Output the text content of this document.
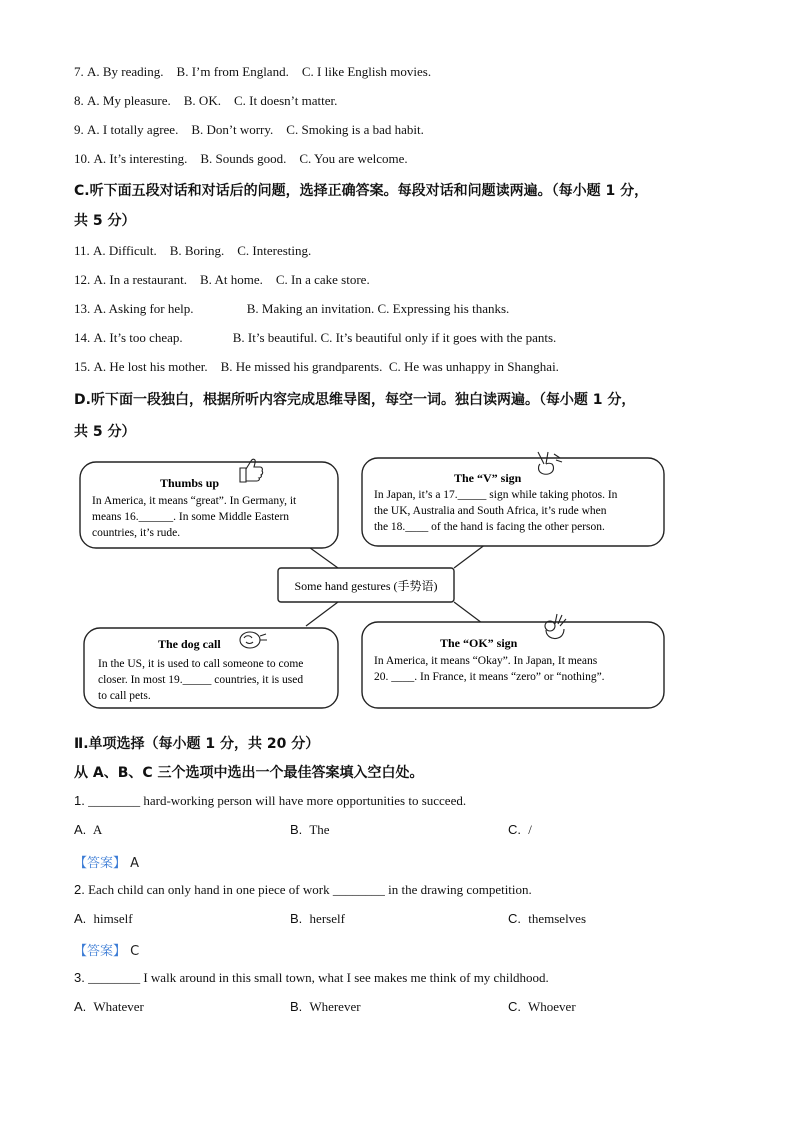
7. A. By reading. B. I’m from England. C. I like English movies.
8. A. My pleasure. B. OK. C. It doesn’t matter.
9. A. I totally agree. B. Don’t worry. C. Smoking is a bad habit.
10. A. It’s interesting. B. Sounds good. C. You are welcome.
C.听下面五段对话和对话后的问题，选择正确答案。每段对话和问题读两遍。（每小题 1 分，
共 5 分）
11. A. Difficult. B. Boring. C. Interesting.
12. A. In a restaurant. B. At home. C. In a cake store.
13. A. Asking for help.	B. Making an invitation. C. Expressing his thanks.
14. A. It’s too cheap.	B. It’s beautiful. C. It’s beautiful only if it goes with the pants.
15. A. He lost his mother. B. He missed his grandparents. C. He was unhappy in Shanghai.
D.听下面一段独白，根据所听内容完成思维导图，每空一词。独白读两遍。（每小题 1 分，
共 5 分）
Some hand gestures (手势语)
Thumbs up
In America, it means “great”. In Germany, it
means 16.______. In some Middle Eastern
countries, it’s rude.
The “V” sign
In Japan, it’s a 17._____ sign while taking photos. In
the UK, Australia and South Africa, it’s rude when
the 18.____ of the hand is facing the other person.
The dog call
In the US, it is used to call someone to come
closer. In most 19._____ countries, it is used
to call pets.
The “OK” sign
In America, it means “Okay”. In Japan, It means
20. ____. In France, it means “zero” or “nothing”.
Ⅱ.单项选择（每小题 1 分，共 20 分）
从 A、B、C 三个选项中选出一个最佳答案填入空白处。
1. ________ hard-working person will have more opportunities to succeed.
A. A	B. The	C. /
【答案】 A
2. Each child can only hand in one piece of work ________ in the drawing competition.
A. himself	B. herself	C. themselves
【答案】 C
3. ________ I walk around in this small town, what I see makes me think of my childhood.
A. Whatever	B. Wherever	C. Whoever
